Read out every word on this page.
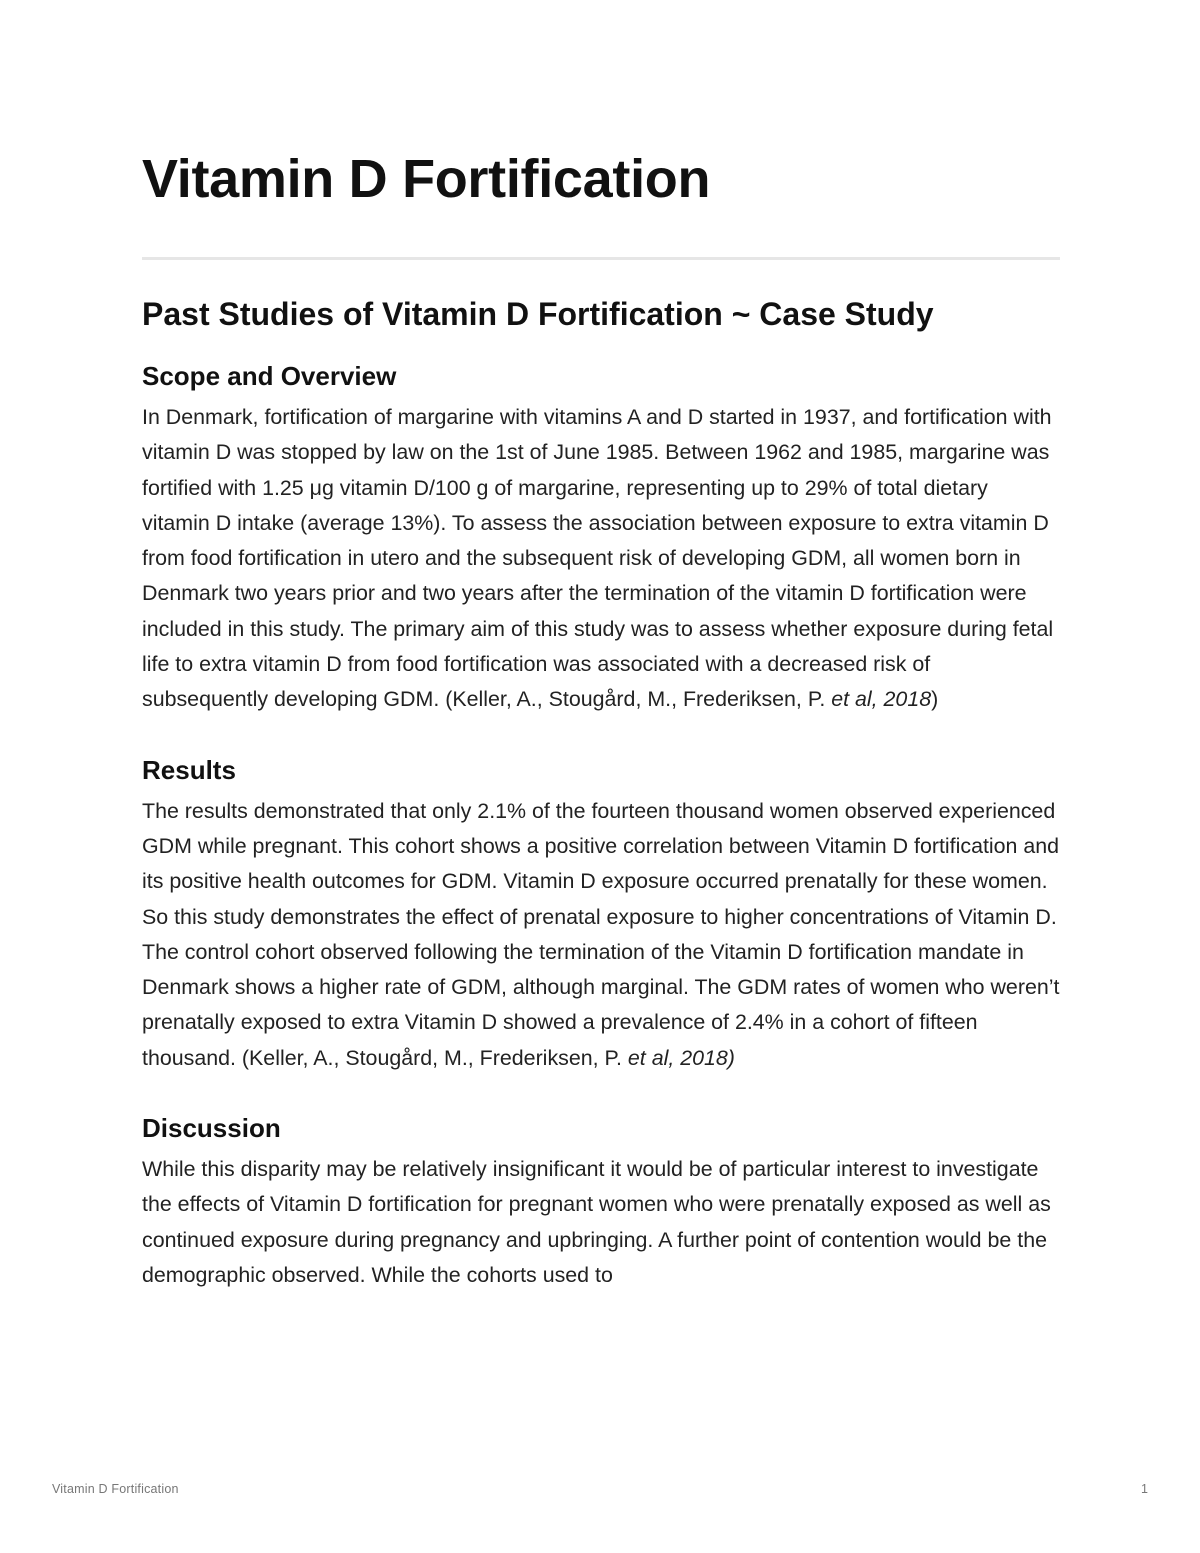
Vitamin D Fortification
Past Studies of Vitamin D Fortification ~ Case Study
Scope and Overview

In Denmark, fortification of margarine with vitamins A and D started in 1937, and fortification with vitamin D was stopped by law on the 1st of June 1985. Between 1962 and 1985, margarine was fortified with 1.25 μg vitamin D/100 g of margarine, representing up to 29% of total dietary vitamin D intake (average 13%). To assess the association between exposure to extra vitamin D from food fortification in utero and the subsequent risk of developing GDM, all women born in Denmark two years prior and two years after the termination of the vitamin D fortification were included in this study. The primary aim of this study was to assess whether exposure during fetal life to extra vitamin D from food fortification was associated with a decreased risk of subsequently developing GDM. (Keller, A., Stougård, M., Frederiksen, P. et al, 2018)

Results

The results demonstrated that only 2.1% of the fourteen thousand women observed experienced GDM while pregnant. This cohort shows a positive correlation between Vitamin D fortification and its positive health outcomes for GDM. Vitamin D exposure occurred prenatally for these women. So this study demonstrates the effect of prenatal exposure to higher concentrations of Vitamin D. The control cohort observed following the termination of the Vitamin D fortification mandate in Denmark shows a higher rate of GDM, although marginal. The GDM rates of women who weren’t prenatally exposed to extra Vitamin D showed a prevalence of 2.4% in a cohort of fifteen thousand. (Keller, A., Stougård, M., Frederiksen, P. et al, 2018)

Discussion

While this disparity may be relatively insignificant it would be of particular interest to investigate the effects of Vitamin D fortification for pregnant women who were prenatally exposed as well as continued exposure during pregnancy and upbringing. A further point of contention would be the demographic observed. While the cohorts used to

Vitamin D Fortification	1
